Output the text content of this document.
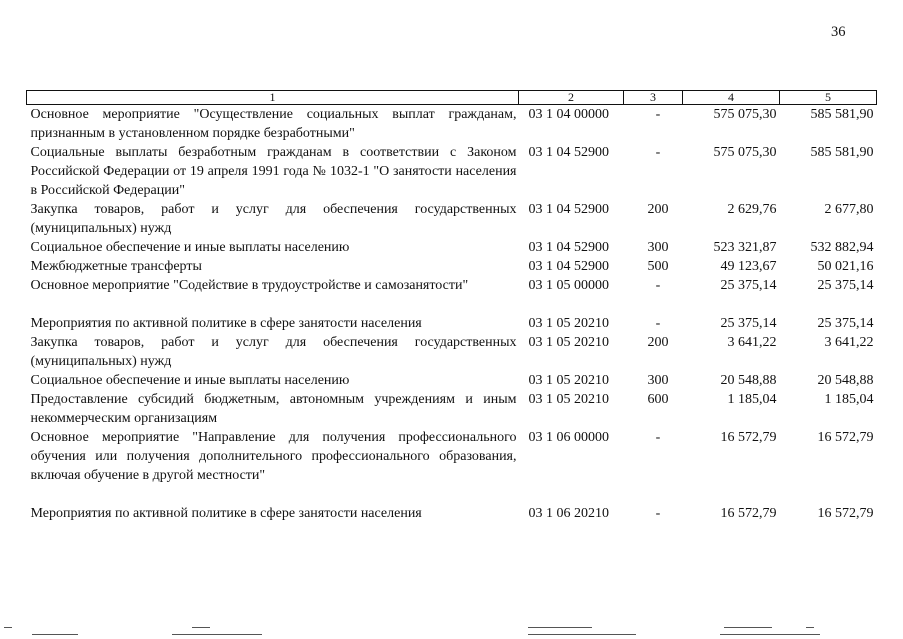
36
1	2	3	4	5
Основное мероприятие "Осуществление социальных выплат гражданам, признанным в установленном порядке безработными"	03 1 04 00000	-	575 075,30	585 581,90
Социальные выплаты безработным гражданам в соответствии с Законом Российской Федерации от 19 апреля 1991 года № 1032-1 "О занятости населения в Российской Федерации"	03 1 04 52900	-	575 075,30	585 581,90
Закупка товаров, работ и услуг для обеспечения государственных (муниципальных) нужд	03 1 04 52900	200	2 629,76	2 677,80
Социальное обеспечение и иные выплаты населению	03 1 04 52900	300	523 321,87	532 882,94
Межбюджетные трансферты	03 1 04 52900	500	49 123,67	50 021,16
Основное мероприятие "Содействие в трудоустройстве и самозанятости"	03 1 05 00000	-	25 375,14	25 375,14
Мероприятия по активной политике в сфере занятости населения	03 1 05 20210	-	25 375,14	25 375,14
Закупка товаров, работ и услуг для обеспечения государственных (муниципальных) нужд	03 1 05 20210	200	3 641,22	3 641,22
Социальное обеспечение и иные выплаты населению	03 1 05 20210	300	20 548,88	20 548,88
Предоставление субсидий бюджетным, автономным учреждениям и иным некоммерческим организациям	03 1 05 20210	600	1 185,04	1 185,04
Основное мероприятие "Направление для получения профессионального обучения или получения дополнительного профессионального образования, включая обучение в другой местности"	03 1 06 00000	-	16 572,79	16 572,79
Мероприятия по активной политике в сфере занятости населения	03 1 06 20210	-	16 572,79	16 572,79
